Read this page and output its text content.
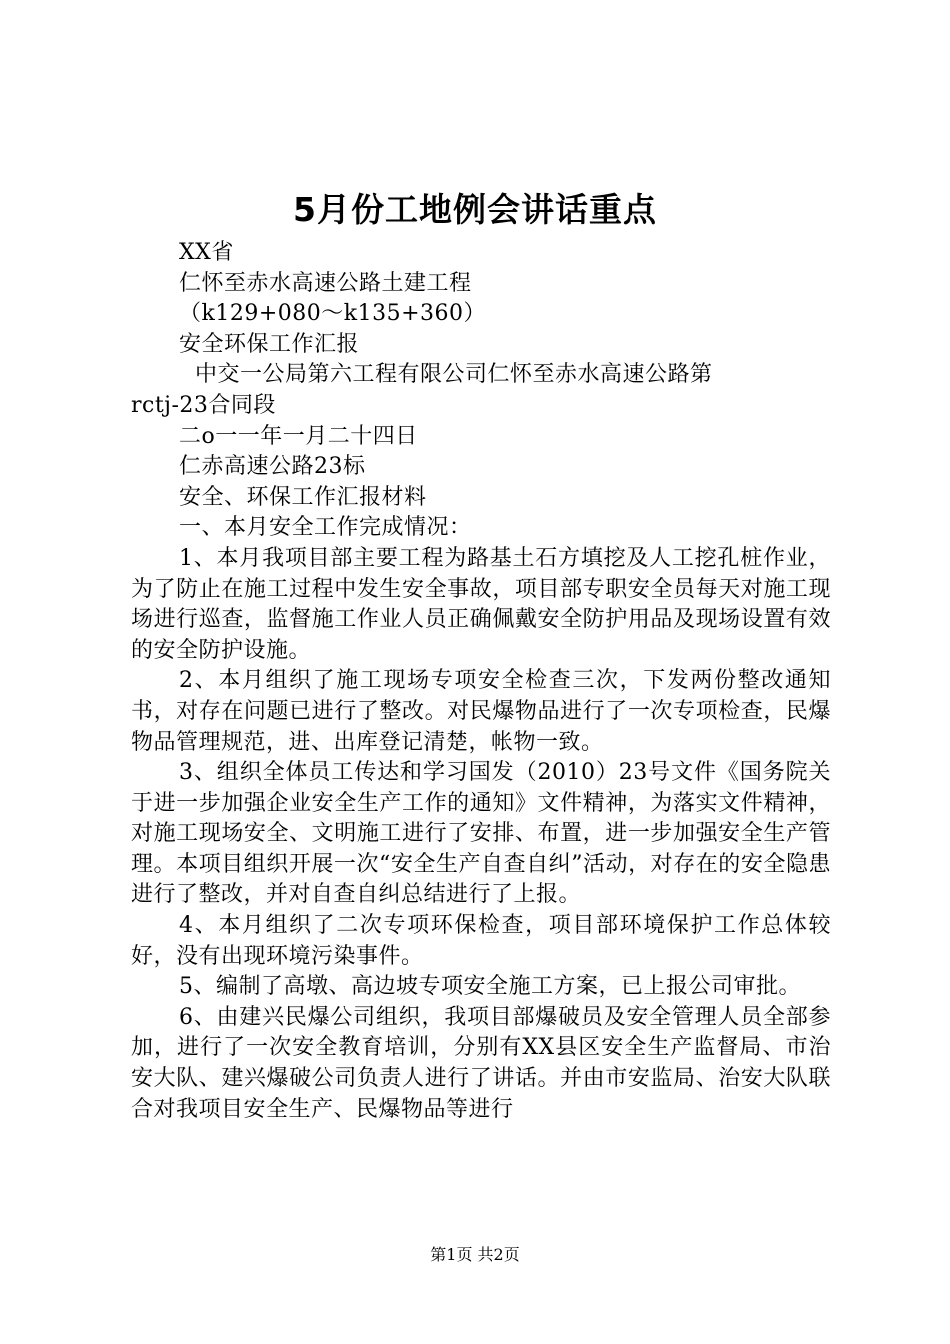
5月份工地例会讲话重点
XX省
仁怀至赤水高速公路土建工程
（k129+080～k135+360）
安全环保工作汇报
中交一公局第六工程有限公司仁怀至赤水高速公路第
rctj-23合同段
二o一一年一月二十四日
仁赤高速公路23标
安全、环保工作汇报材料
一、本月安全工作完成情况：

1、本月我项目部主要工程为路基土石方填挖及人工挖孔桩作业，为了防止在施工过程中发生安全事故，项目部专职安全员每天对施工现场进行巡查，监督施工作业人员正确佩戴安全防护用品及现场设置有效的安全防护设施。

2、本月组织了施工现场专项安全检查三次，下发两份整改通知书，对存在问题已进行了整改。对民爆物品进行了一次专项检查，民爆物品管理规范，进、出库登记清楚，帐物一致。

3、组织全体员工传达和学习国发（2010）23号文件《国务院关于进一步加强企业安全生产工作的通知》文件精神，为落实文件精神，对施工现场安全、文明施工进行了安排、布置，进一步加强安全生产管理。本项目组织开展一次“安全生产自查自纠”活动，对存在的安全隐患进行了整改，并对自查自纠总结进行了上报。

4、本月组织了二次专项环保检查，项目部环境保护工作总体较好，没有出现环境污染事件。

5、编制了高墩、高边坡专项安全施工方案，已上报公司审批。

6、由建兴民爆公司组织，我项目部爆破员及安全管理人员全部参加，进行了一次安全教育培训，分别有XX县区安全生产监督局、市治安大队、建兴爆破公司负责人进行了讲话。并由市安监局、治安大队联合对我项目安全生产、民爆物品等进行

第1页 共2页
